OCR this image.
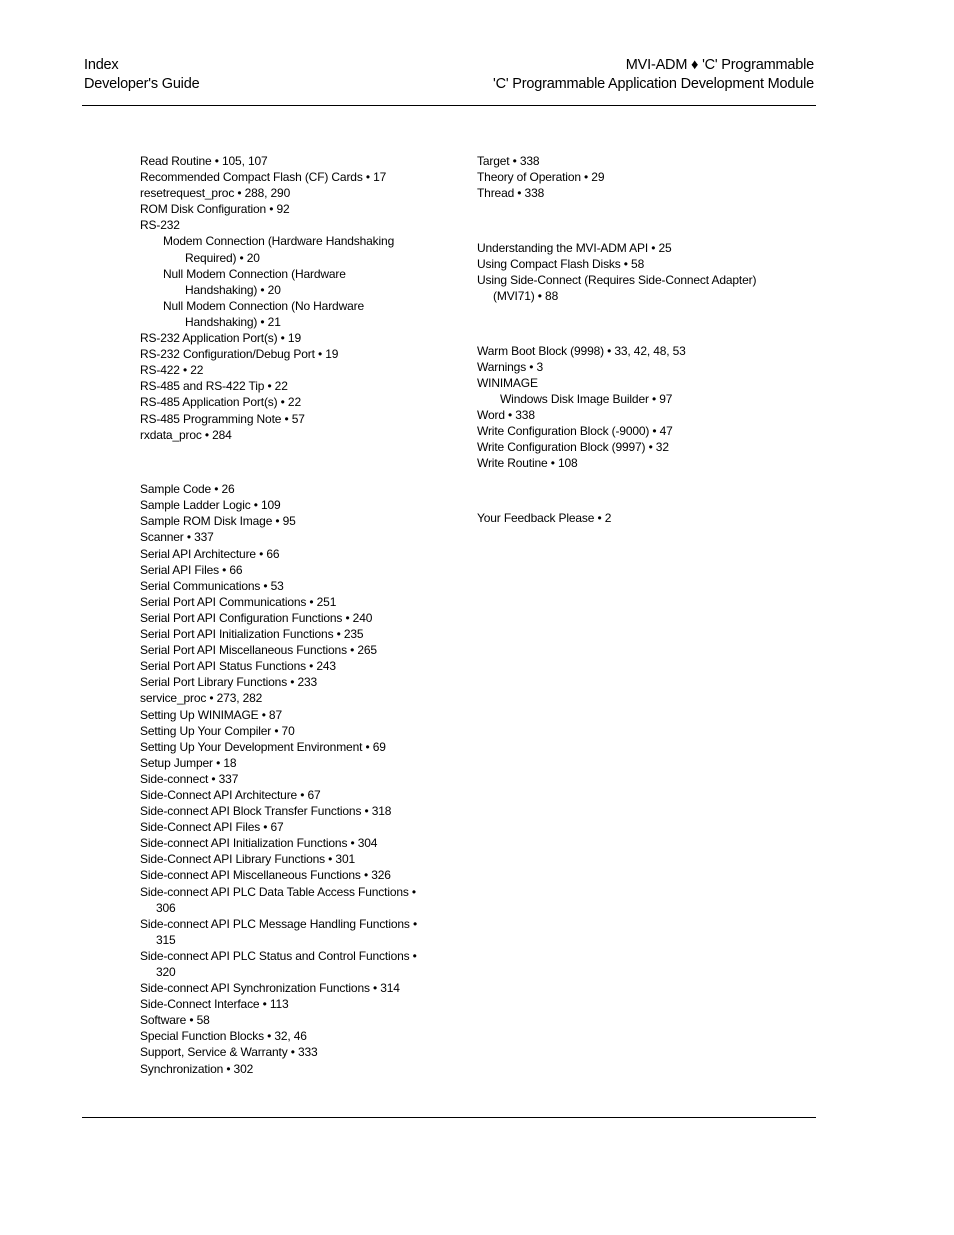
Index
Developer's Guide
MVI-ADM ♦ 'C' Programmable
'C' Programmable Application Development Module
Read Routine • 105, 107
Recommended Compact Flash (CF) Cards • 17
resetrequest_proc • 288, 290
ROM Disk Configuration • 92
RS-232
Modem Connection (Hardware Handshaking Required) • 20
Null Modem Connection (Hardware Handshaking) • 20
Null Modem Connection (No Hardware Handshaking) • 21
RS-232 Application Port(s) • 19
RS-232 Configuration/Debug Port • 19
RS-422 • 22
RS-485 and RS-422 Tip • 22
RS-485 Application Port(s) • 22
RS-485 Programming Note • 57
rxdata_proc • 284
Sample Code • 26
Sample Ladder Logic • 109
Sample ROM Disk Image • 95
Scanner • 337
Serial API Architecture • 66
Serial API Files • 66
Serial Communications • 53
Serial Port API Communications • 251
Serial Port API Configuration Functions • 240
Serial Port API Initialization Functions • 235
Serial Port API Miscellaneous Functions • 265
Serial Port API Status Functions • 243
Serial Port Library Functions • 233
service_proc • 273, 282
Setting Up WINIMAGE • 87
Setting Up Your Compiler • 70
Setting Up Your Development Environment • 69
Setup Jumper • 18
Side-connect • 337
Side-Connect API Architecture • 67
Side-connect API Block Transfer Functions • 318
Side-Connect API Files • 67
Side-connect API Initialization Functions • 304
Side-Connect API Library Functions • 301
Side-connect API Miscellaneous Functions • 326
Side-connect API PLC Data Table Access Functions • 306
Side-connect API PLC Message Handling Functions • 315
Side-connect API PLC Status and Control Functions • 320
Side-connect API Synchronization Functions • 314
Side-Connect Interface • 113
Software • 58
Special Function Blocks • 32, 46
Support, Service & Warranty • 333
Synchronization • 302
Target • 338
Theory of Operation • 29
Thread • 338
Understanding the MVI-ADM API • 25
Using Compact Flash Disks • 58
Using Side-Connect (Requires Side-Connect Adapter) (MVI71) • 88
Warm Boot Block (9998) • 33, 42, 48, 53
Warnings • 3
WINIMAGE
Windows Disk Image Builder • 97
Word • 338
Write Configuration Block (-9000) • 47
Write Configuration Block (9997) • 32
Write Routine • 108
Your Feedback Please • 2
